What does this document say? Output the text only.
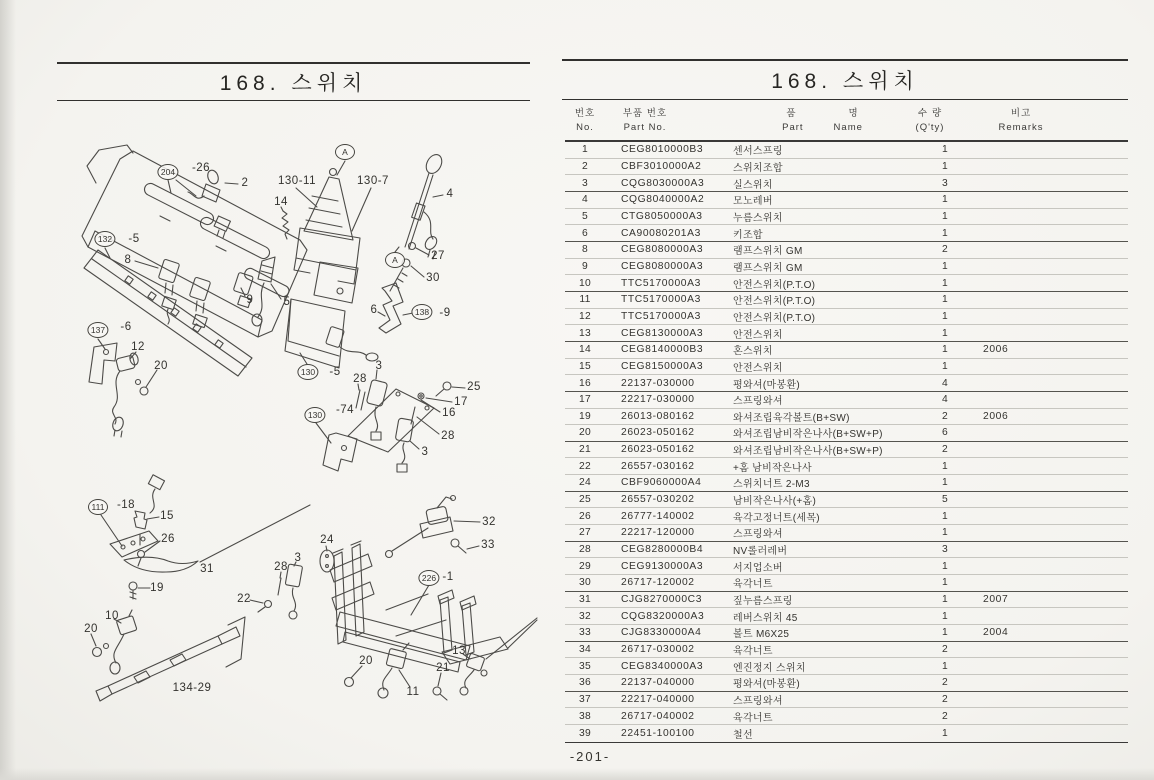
168. 스위치	168. 스위치
A
A
204
132
137
138
130
130
111
226
-26
2	130-11	130-7
14
4
27
30
-9
6
-5
8
9	5
-6
12
20	-5
28
3
25
17
16
-74
28
3
-18
15
26
31
19
24
32
33
-1
22
28
3
10
20
134-29
20
11
21
13
번호
No.
부품 번호
Part No.
품	명
Part	Name
수 량
(Q'ty)
비고
Remarks
1	CEG8010000B3	센서스프링	1
2	CBF3010000A2	스위치조합	1
3	CQG8030000A3	실스위치	3
4	CQG8040000A2	모노레버	1
5	CTG8050000A3	누름스위치	1
6	CA90080201A3	키조합	1
8	CEG8080000A3	램프스위치 GM	2
9	CEG8080000A3	램프스위치 GM	1
10	TTC5170000A3	안전스위치(P.T.O)	1
11	TTC5170000A3	안전스위치(P.T.O)	1
12	TTC5170000A3	안전스위치(P.T.O)	1
13	CEG8130000A3	안전스위치	1
14	CEG8140000B3	혼스위치	1	2006
15	CEG8150000A3	안전스위치	1
16	22137-030000	평와셔(마봉환)	4
17	22217-030000	스프링와셔	4
19	26013-080162	와셔조립육각볼트(B+SW)	2	2006
20	26023-050162	와셔조립남비작은나사(B+SW+P)	6
21	26023-050162	와셔조립남비작은나사(B+SW+P)	2
22	26557-030162	+홈 남비작은나사	1
24	CBF9060000A4	스위치너트 2-M3	1
25	26557-030202	남비작은나사(+홈)	5
26	26777-140002	육각고정너트(세목)	1
27	22217-120000	스프링와셔	1
28	CEG8280000B4	NV롤러레버	3
29	CEG9130000A3	서지업소버	1
30	26717-120002	육각너트	1
31	CJG8270000C3	짚누름스프링	1	2007
32	CQG8320000A3	레버스위치 45	1
33	CJG8330000A4	볼트 M6X25	1	2004
34	26717-030002	육각너트	2
35	CEG8340000A3	엔진정지 스위치	1
36	22137-040000	평와셔(마봉환)	2
37	22217-040000	스프링와셔	2
38	26717-040002	육각너트	2
39	22451-100100	철선	1
-201-
